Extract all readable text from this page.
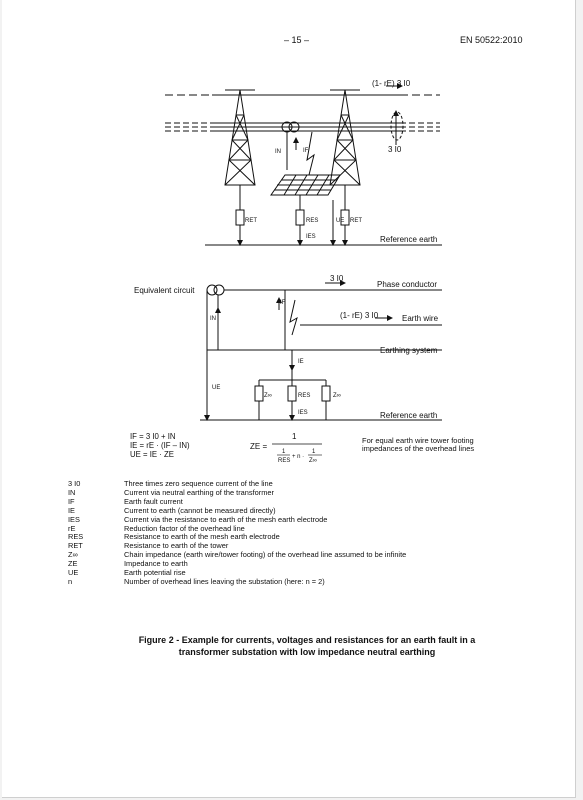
– 15 –	EN 50522:2010
(1- rE) 3 I0
3 I0
IN	IF
RET	RES
IES
UE RET
Reference earth
Equivalent circuit
3 I0
Phase conductor
IF
IN	(1- rE) 3 I0	Earth wire
Earthing system
IE
UE
Z∞	RES	Z∞
IES	Reference earth
ZE =
1
1
RES
+ n ·
1
Z∞
IF = 3 I0 + IN
IE = rE · (IF – IN)
UE = IE · ZE
For equal earth wire tower footing impedances of the overhead lines
3 I0	Three times zero sequence current of the line
IN	Current via neutral earthing of the transformer
IF	Earth fault current
IE	Current to earth (cannot be measured directly)
IES	Current via the resistance to earth of the mesh earth electrode
rE	Reduction factor of the overhead line
RES	Resistance to earth of the mesh earth electrode
RET	Resistance to earth of the tower
Z∞	Chain impedance (earth wire/tower footing) of the overhead line assumed to be infinite
ZE	Impedance to earth
UE	Earth potential rise
n	Number of overhead lines leaving the substation (here: n = 2)
Figure 2 - Example for currents, voltages and resistances for an earth fault in a transformer substation with low impedance neutral earthing
